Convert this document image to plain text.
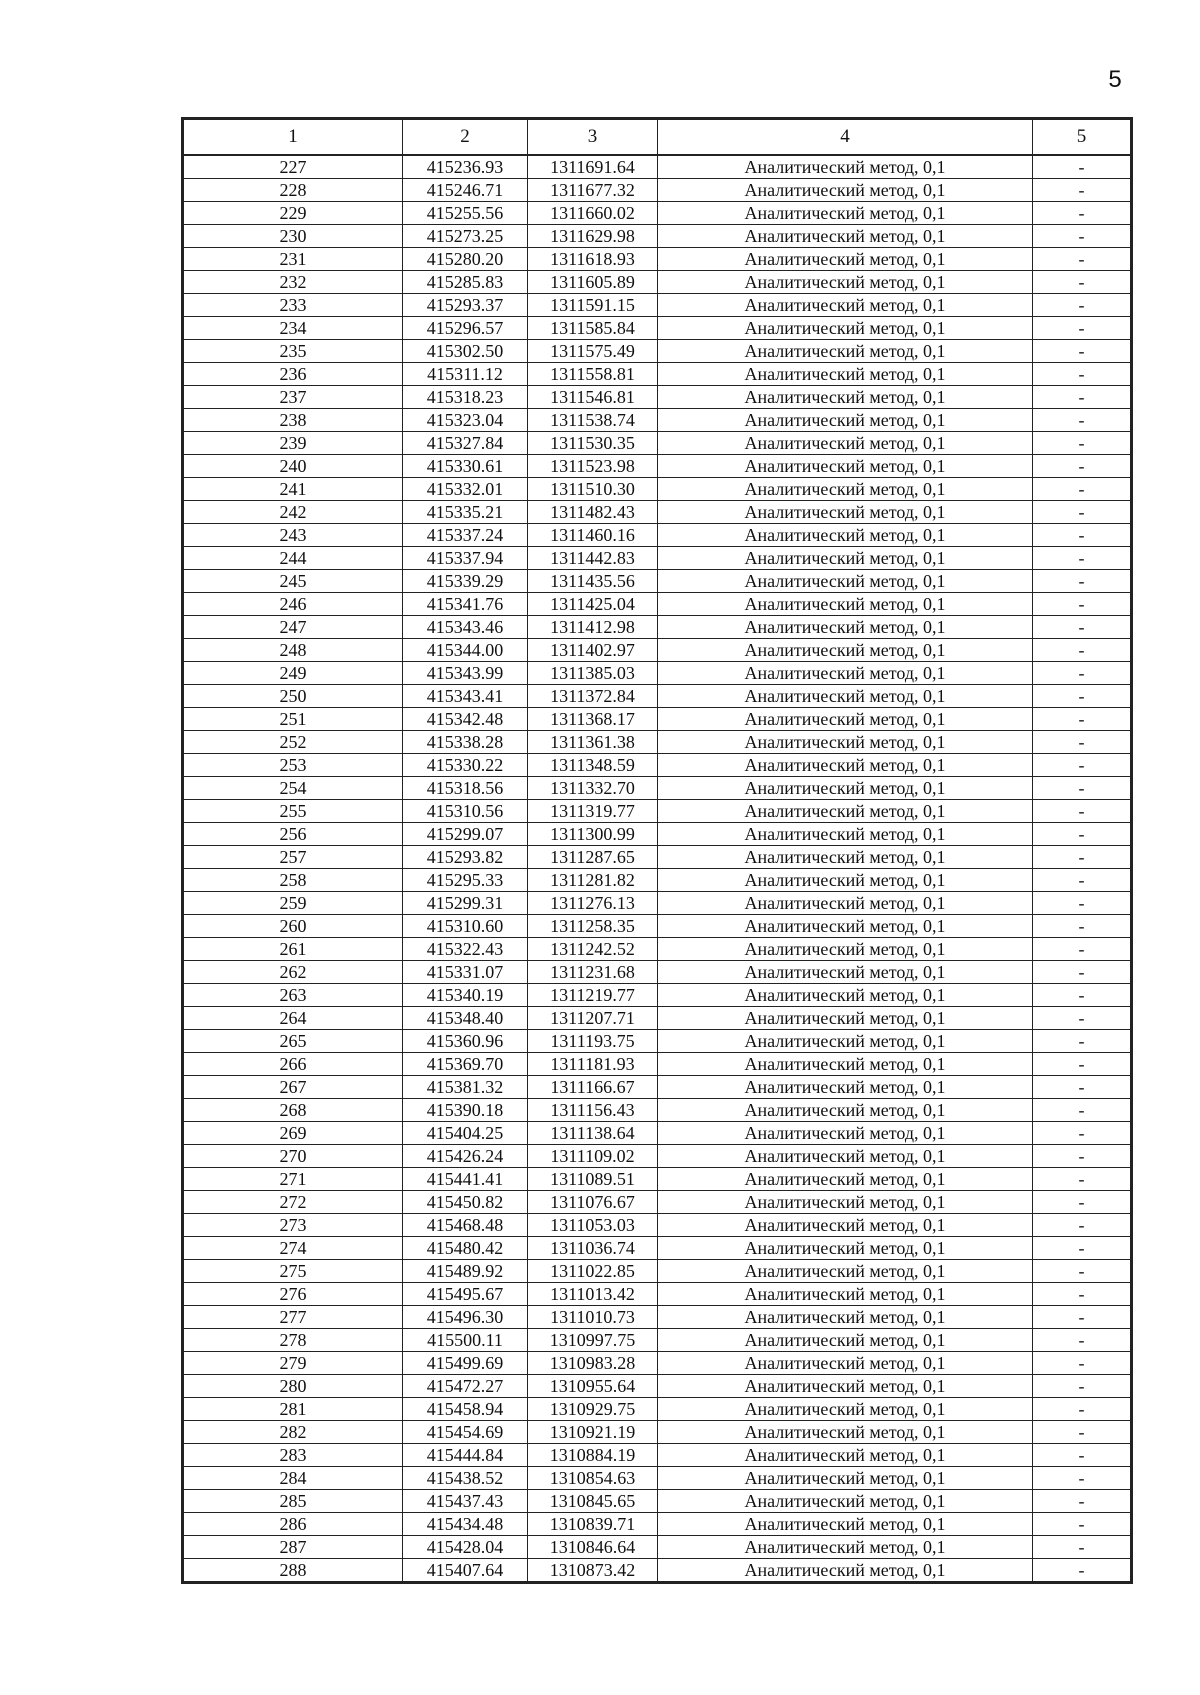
5
1	2	3	4	5
227	415236.93	1311691.64	Аналитический метод, 0,1	-
228	415246.71	1311677.32	Аналитический метод, 0,1	-
229	415255.56	1311660.02	Аналитический метод, 0,1	-
230	415273.25	1311629.98	Аналитический метод, 0,1	-
231	415280.20	1311618.93	Аналитический метод, 0,1	-
232	415285.83	1311605.89	Аналитический метод, 0,1	-
233	415293.37	1311591.15	Аналитический метод, 0,1	-
234	415296.57	1311585.84	Аналитический метод, 0,1	-
235	415302.50	1311575.49	Аналитический метод, 0,1	-
236	415311.12	1311558.81	Аналитический метод, 0,1	-
237	415318.23	1311546.81	Аналитический метод, 0,1	-
238	415323.04	1311538.74	Аналитический метод, 0,1	-
239	415327.84	1311530.35	Аналитический метод, 0,1	-
240	415330.61	1311523.98	Аналитический метод, 0,1	-
241	415332.01	1311510.30	Аналитический метод, 0,1	-
242	415335.21	1311482.43	Аналитический метод, 0,1	-
243	415337.24	1311460.16	Аналитический метод, 0,1	-
244	415337.94	1311442.83	Аналитический метод, 0,1	-
245	415339.29	1311435.56	Аналитический метод, 0,1	-
246	415341.76	1311425.04	Аналитический метод, 0,1	-
247	415343.46	1311412.98	Аналитический метод, 0,1	-
248	415344.00	1311402.97	Аналитический метод, 0,1	-
249	415343.99	1311385.03	Аналитический метод, 0,1	-
250	415343.41	1311372.84	Аналитический метод, 0,1	-
251	415342.48	1311368.17	Аналитический метод, 0,1	-
252	415338.28	1311361.38	Аналитический метод, 0,1	-
253	415330.22	1311348.59	Аналитический метод, 0,1	-
254	415318.56	1311332.70	Аналитический метод, 0,1	-
255	415310.56	1311319.77	Аналитический метод, 0,1	-
256	415299.07	1311300.99	Аналитический метод, 0,1	-
257	415293.82	1311287.65	Аналитический метод, 0,1	-
258	415295.33	1311281.82	Аналитический метод, 0,1	-
259	415299.31	1311276.13	Аналитический метод, 0,1	-
260	415310.60	1311258.35	Аналитический метод, 0,1	-
261	415322.43	1311242.52	Аналитический метод, 0,1	-
262	415331.07	1311231.68	Аналитический метод, 0,1	-
263	415340.19	1311219.77	Аналитический метод, 0,1	-
264	415348.40	1311207.71	Аналитический метод, 0,1	-
265	415360.96	1311193.75	Аналитический метод, 0,1	-
266	415369.70	1311181.93	Аналитический метод, 0,1	-
267	415381.32	1311166.67	Аналитический метод, 0,1	-
268	415390.18	1311156.43	Аналитический метод, 0,1	-
269	415404.25	1311138.64	Аналитический метод, 0,1	-
270	415426.24	1311109.02	Аналитический метод, 0,1	-
271	415441.41	1311089.51	Аналитический метод, 0,1	-
272	415450.82	1311076.67	Аналитический метод, 0,1	-
273	415468.48	1311053.03	Аналитический метод, 0,1	-
274	415480.42	1311036.74	Аналитический метод, 0,1	-
275	415489.92	1311022.85	Аналитический метод, 0,1	-
276	415495.67	1311013.42	Аналитический метод, 0,1	-
277	415496.30	1311010.73	Аналитический метод, 0,1	-
278	415500.11	1310997.75	Аналитический метод, 0,1	-
279	415499.69	1310983.28	Аналитический метод, 0,1	-
280	415472.27	1310955.64	Аналитический метод, 0,1	-
281	415458.94	1310929.75	Аналитический метод, 0,1	-
282	415454.69	1310921.19	Аналитический метод, 0,1	-
283	415444.84	1310884.19	Аналитический метод, 0,1	-
284	415438.52	1310854.63	Аналитический метод, 0,1	-
285	415437.43	1310845.65	Аналитический метод, 0,1	-
286	415434.48	1310839.71	Аналитический метод, 0,1	-
287	415428.04	1310846.64	Аналитический метод, 0,1	-
288	415407.64	1310873.42	Аналитический метод, 0,1	-
